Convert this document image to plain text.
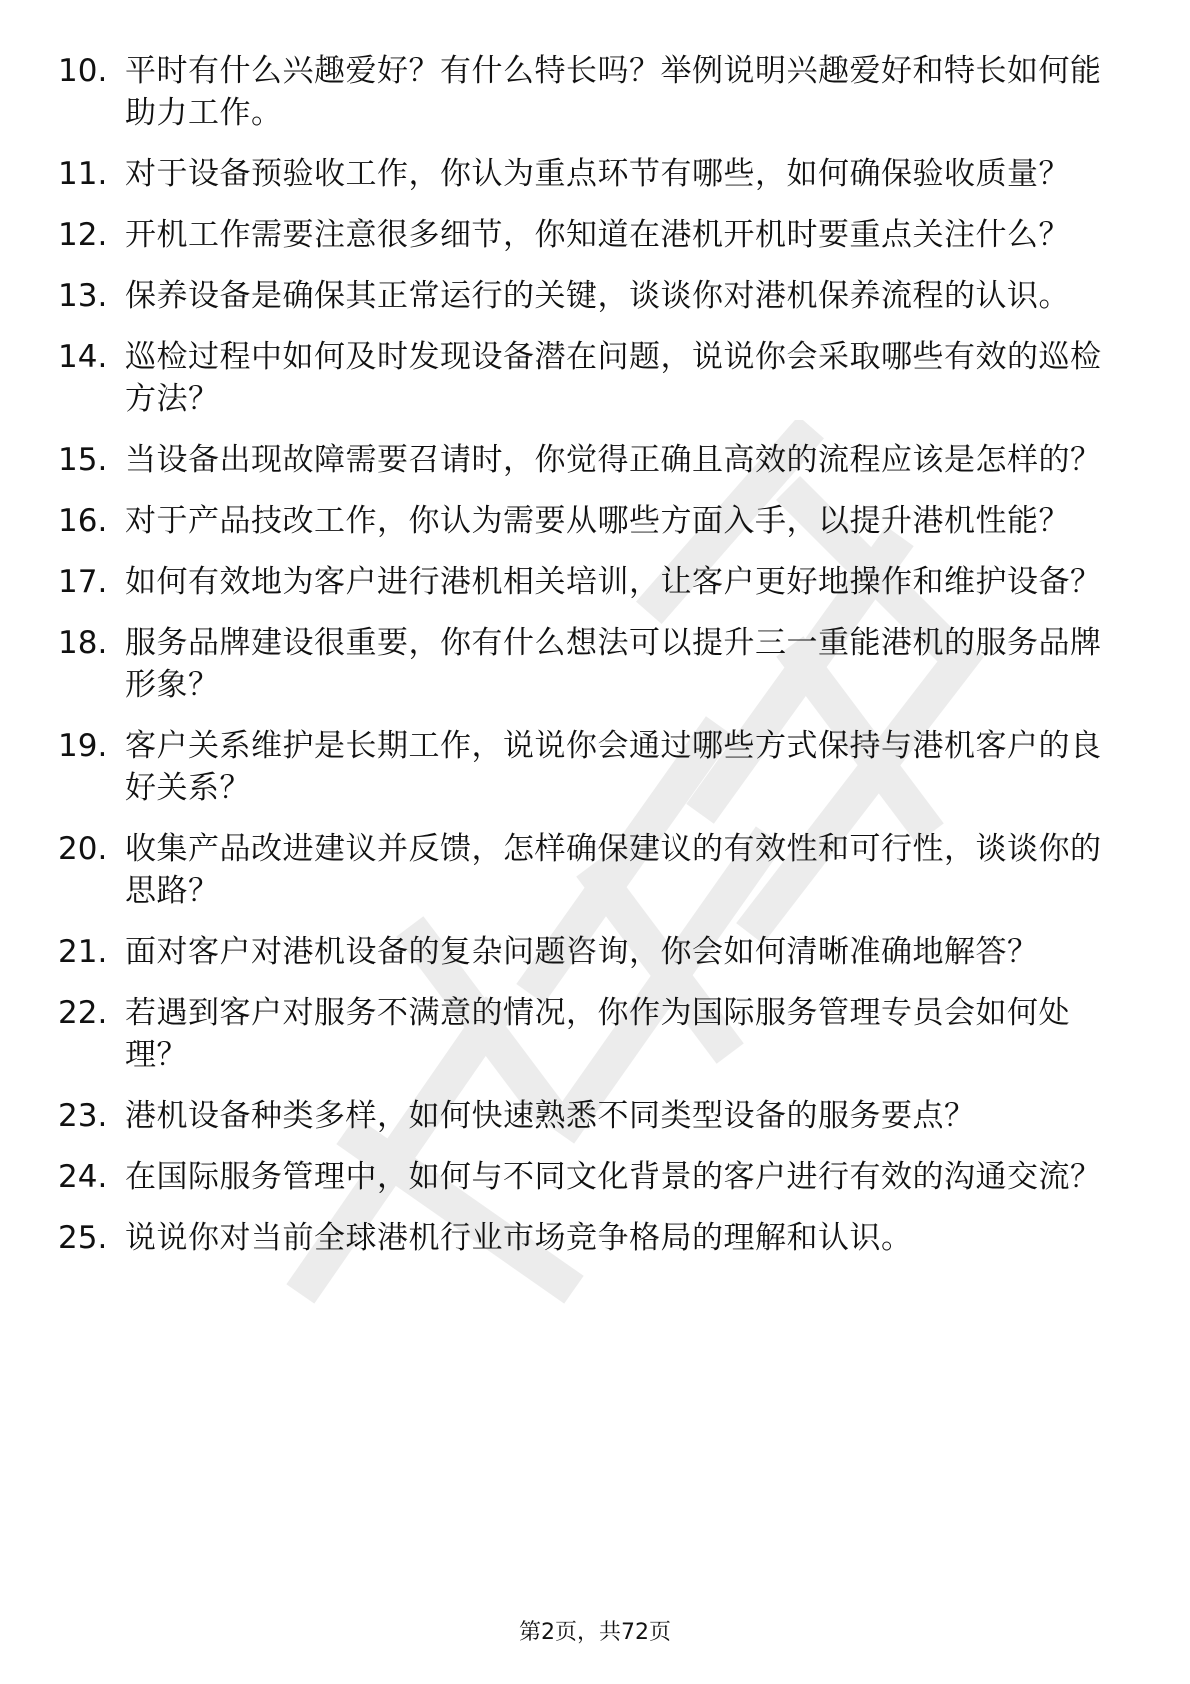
10. 平时有什么兴趣爱好？有什么特长吗？举例说明兴趣爱好和特长如何能助力工作。
11. 对于设备预验收工作，你认为重点环节有哪些，如何确保验收质量？
12. 开机工作需要注意很多细节，你知道在港机开机时要重点关注什么？
13. 保养设备是确保其正常运行的关键，谈谈你对港机保养流程的认识。
14. 巡检过程中如何及时发现设备潜在问题，说说你会采取哪些有效的巡检方法？
15. 当设备出现故障需要召请时，你觉得正确且高效的流程应该是怎样的？
16. 对于产品技改工作，你认为需要从哪些方面入手，以提升港机性能？
17. 如何有效地为客户进行港机相关培训，让客户更好地操作和维护设备？
18. 服务品牌建设很重要，你有什么想法可以提升三一重能港机的服务品牌形象？
19. 客户关系维护是长期工作，说说你会通过哪些方式保持与港机客户的良好关系？
20. 收集产品改进建议并反馈，怎样确保建议的有效性和可行性，谈谈你的思路？
21. 面对客户对港机设备的复杂问题咨询，你会如何清晰准确地解答？
22. 若遇到客户对服务不满意的情况，你作为国际服务管理专员会如何处理？
23. 港机设备种类多样，如何快速熟悉不同类型设备的服务要点？
24. 在国际服务管理中，如何与不同文化背景的客户进行有效的沟通交流？
25. 说说你对当前全球港机行业市场竞争格局的理解和认识。
第2页，共72页
